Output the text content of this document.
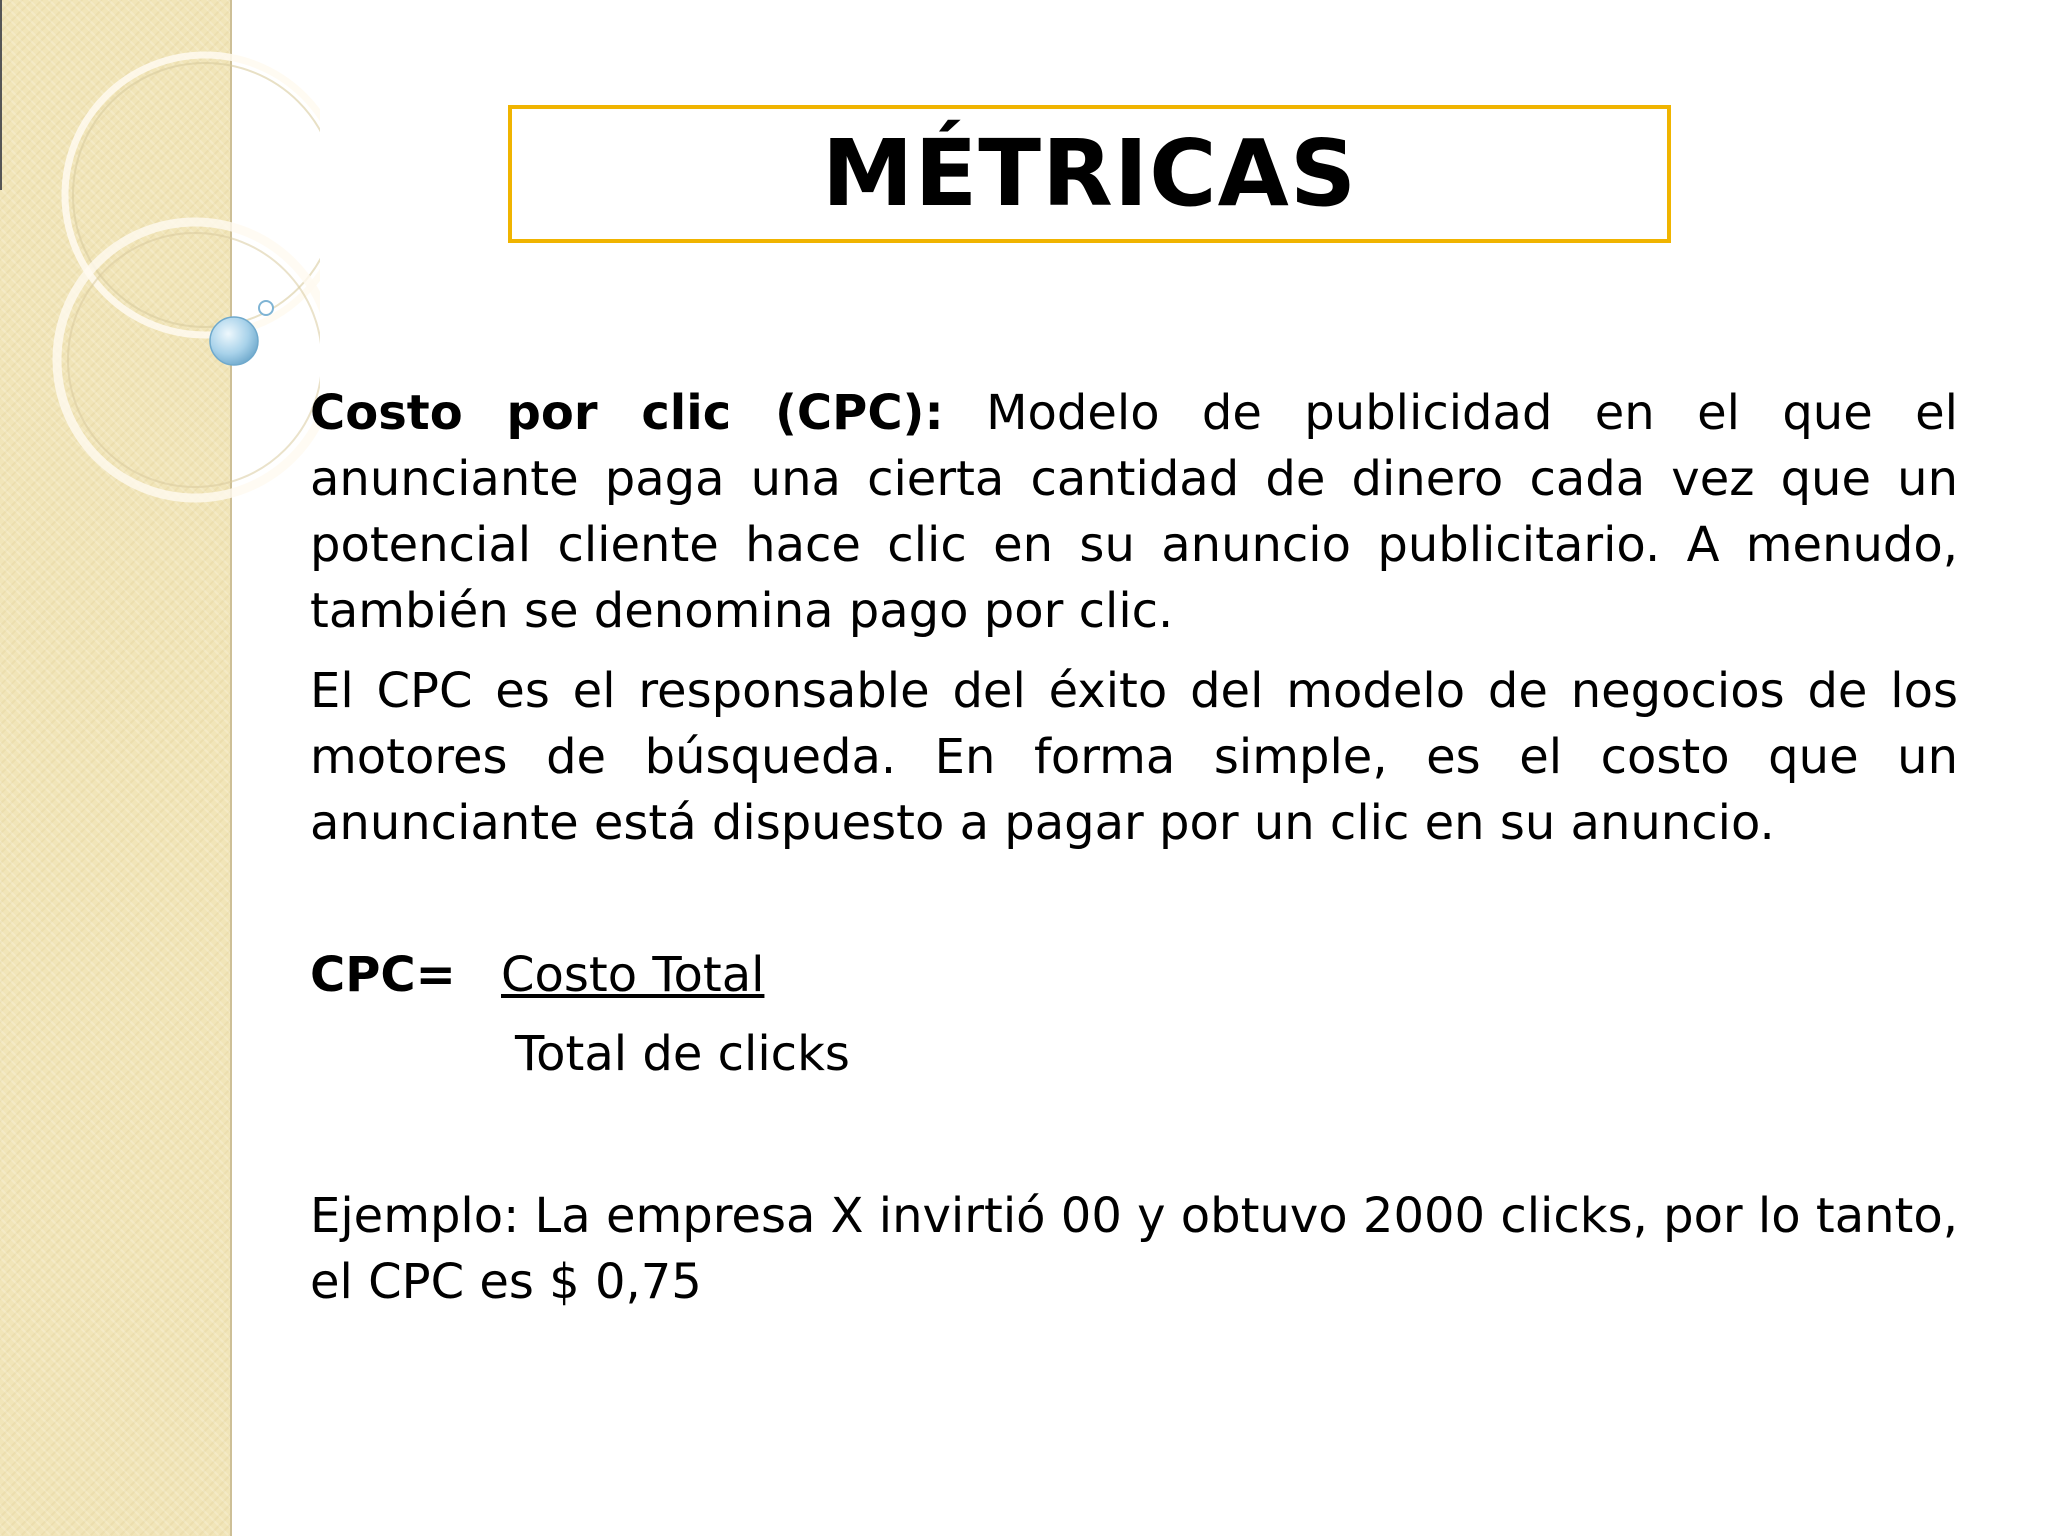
MÉTRICAS

Costo por clic (CPC): Modelo de publicidad en el que el anunciante paga una cierta cantidad de dinero cada vez que un potencial cliente hace clic en su anuncio publicitario. A menudo, también se denomina pago por clic.

El CPC es el responsable del éxito del modelo de negocios de los motores de búsqueda. En forma simple, es el costo que un anunciante está dispuesto a pagar por un clic en su anuncio.

CPC= Costo Total
Total de clicks

Ejemplo: La empresa X invirtió 00 y obtuvo 2000 clicks, por lo tanto, el CPC es $ 0,75
